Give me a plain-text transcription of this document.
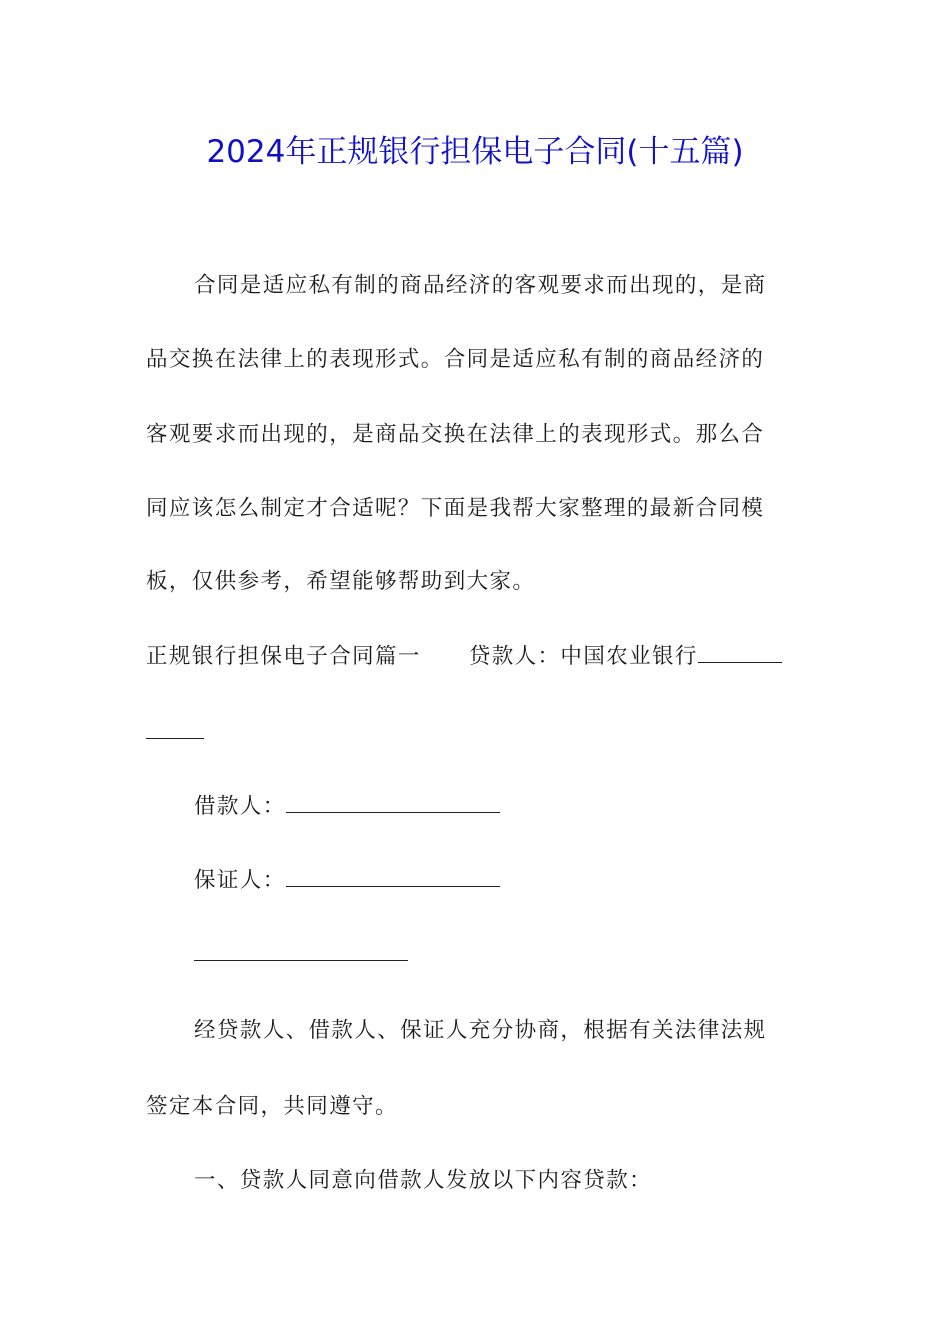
2024年正规银行担保电子合同(十五篇)
合同是适应私有制的商品经济的客观要求而出现的，是商
品交换在法律上的表现形式。合同是适应私有制的商品经济的
客观要求而出现的，是商品交换在法律上的表现形式。那么合
同应该怎么制定才合适呢？下面是我帮大家整理的最新合同模
板，仅供参考，希望能够帮助到大家。
正规银行担保电子合同篇一 贷款人：中国农业银行
借款人：
保证人：
经贷款人、借款人、保证人充分协商，根据有关法律法规
签定本合同，共同遵守。
一、贷款人同意向借款人发放以下内容贷款：
